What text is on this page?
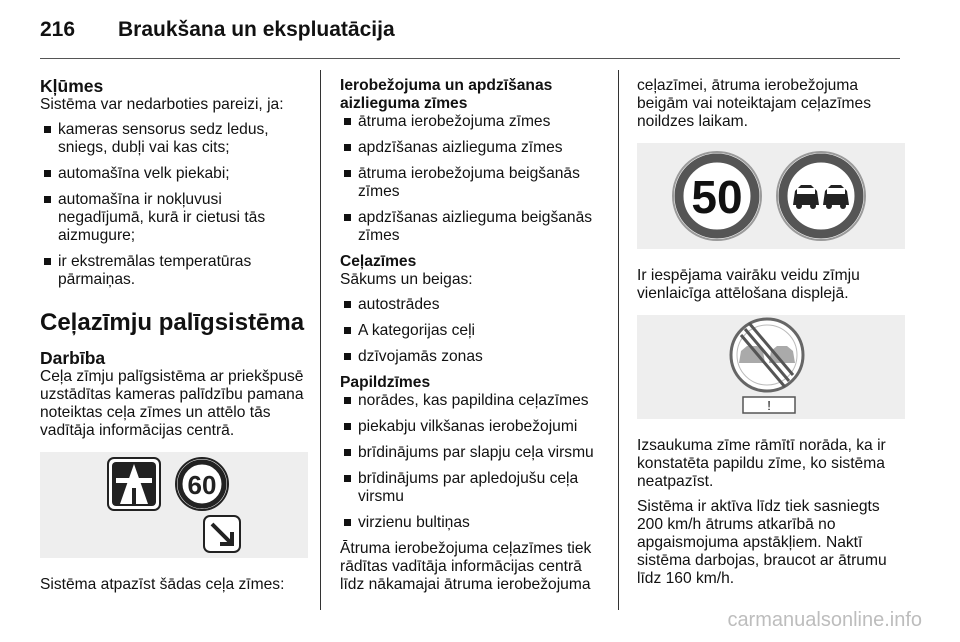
216 Braukšana un ekspluatācija
Kļūmes
Sistēma var nedarboties pareizi, ja:
kameras sensorus sedz ledus, sniegs, dubļi vai kas cits;
automašīna velk piekabi;
automašīna ir nokļuvusi negadījumā, kurā ir cietusi tās aizmugure;
ir ekstremālas temperatūras pārmaiņas.
Ceļazīmju palīgsistēma
Darbība
Ceļa zīmju palīgsistēma ar priekšpusē uzstādītas kameras palīdzību pamana noteiktas ceļa zīmes un attēlo tās vadītāja informācijas centrā.
60
Sistēma atpazīst šādas ceļa zīmes:
Ierobežojuma un apdzīšanas aizlieguma zīmes
ātruma ierobežojuma zīmes
apdzīšanas aizlieguma zīmes
ātruma ierobežojuma beigšanās zīmes
apdzīšanas aizlieguma beigšanās zīmes
Ceļazīmes
Sākums un beigas:
autostrādes
A kategorijas ceļi
dzīvojamās zonas
Papildzīmes
norādes, kas papildina ceļazīmes
piekabju vilkšanas ierobežojumi
brīdinājums par slapju ceļa virsmu
brīdinājums par apledojušu ceļa virsmu
virzienu bultiņas
Ātruma ierobežojuma ceļazīmes tiek rādītas vadītāja informācijas centrā līdz nākamajai ātruma ierobežojuma
ceļazīmei, ātruma ierobežojuma beigām vai noteiktajam ceļazīmes noildzes laikam.
50
Ir iespējama vairāku veidu zīmju vienlaicīga attēlošana displejā.
!
Izsaukuma zīme rāmītī norāda, ka ir konstatēta papildu zīme, ko sistēma neatpazīst.
Sistēma ir aktīva līdz tiek sasniegts 200 km/h ātrums atkarībā no apgaismojuma apstākļiem. Naktī sistēma darbojas, braucot ar ātrumu līdz 160 km/h.
carmanualsonline.info
